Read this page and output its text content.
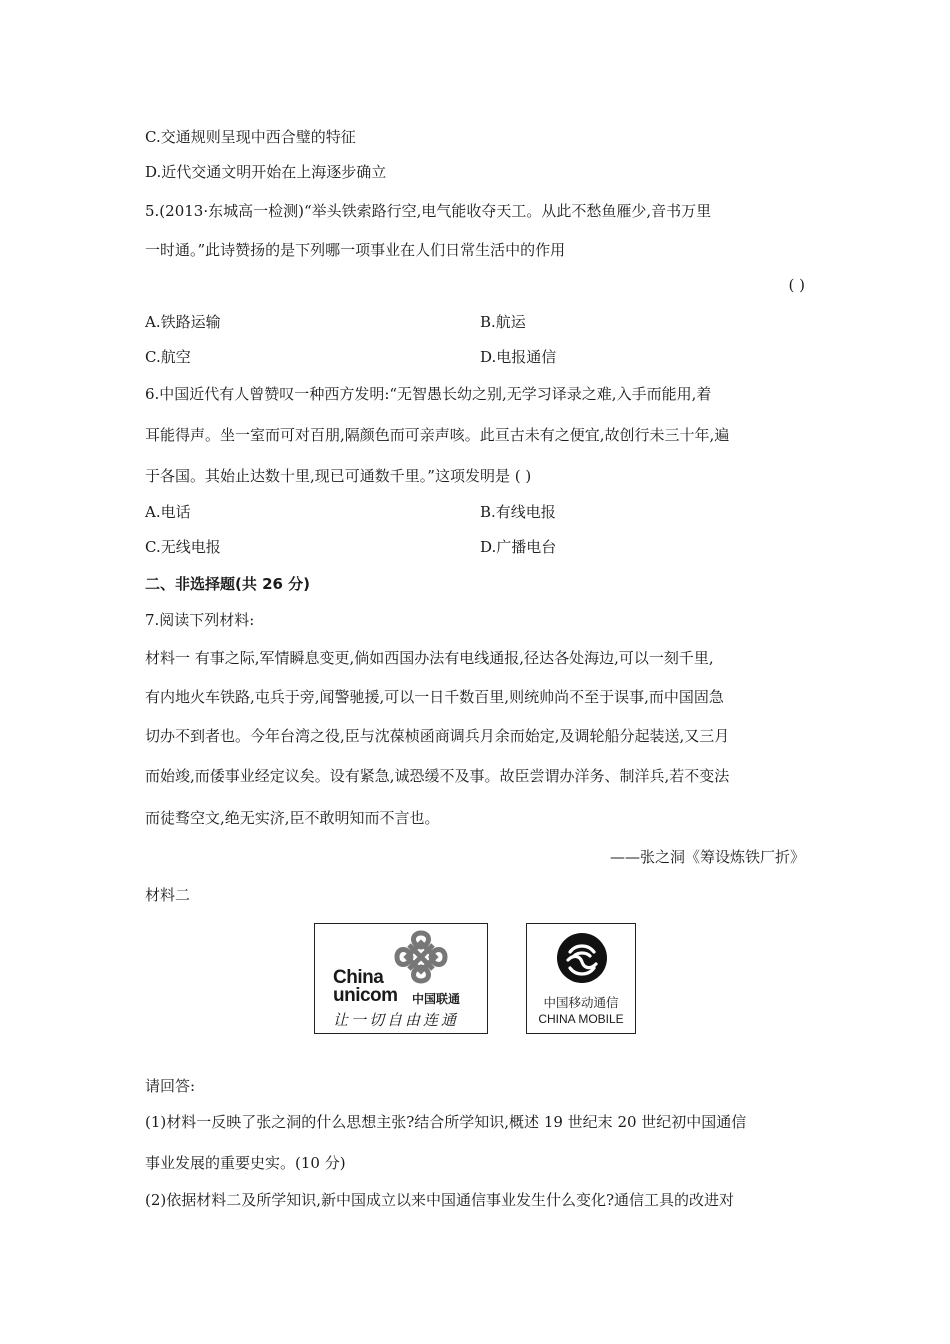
C.交通规则呈现中西合璧的特征
D.近代交通文明开始在上海逐步确立
5.(2013·东城高一检测)“举头铁索路行空,电气能收夺天工。从此不愁鱼雁少,音书万里
一时通。”此诗赞扬的是下列哪一项事业在人们日常生活中的作用
( )
A.铁路运输	B.航运
C.航空	D.电报通信
6.中国近代有人曾赞叹一种西方发明:“无智愚长幼之别,无学习译录之难,入手而能用,着
耳能得声。坐一室而可对百朋,隔颜色而可亲声咳。此亘古未有之便宜,故创行未三十年,遍
于各国。其始止达数十里,现已可通数千里。”这项发明是 ( )
A.电话	B.有线电报
C.无线电报	D.广播电台
二、非选择题(共 26 分)
7.阅读下列材料:
材料一 有事之际,军情瞬息变更,倘如西国办法有电线通报,径达各处海边,可以一刻千里,
有内地火车铁路,屯兵于旁,闻警驰援,可以一日千数百里,则统帅尚不至于误事,而中国固急
切办不到者也。今年台湾之役,臣与沈葆桢函商调兵月余而始定,及调轮船分起装送,又三月
而始竣,而倭事业经定议矣。设有紧急,诚恐缓不及事。故臣尝谓办洋务、制洋兵,若不变法
而徒骛空文,绝无实济,臣不敢明知而不言也。
——张之洞《筹设炼铁厂折》
材料二
China
unicom 中国联通
让一切自由连通
中国移动通信
CHINA MOBILE
请回答:
(1)材料一反映了张之洞的什么思想主张?结合所学知识,概述 19 世纪末 20 世纪初中国通信
事业发展的重要史实。(10 分)
(2)依据材料二及所学知识,新中国成立以来中国通信事业发生什么变化?通信工具的改进对
